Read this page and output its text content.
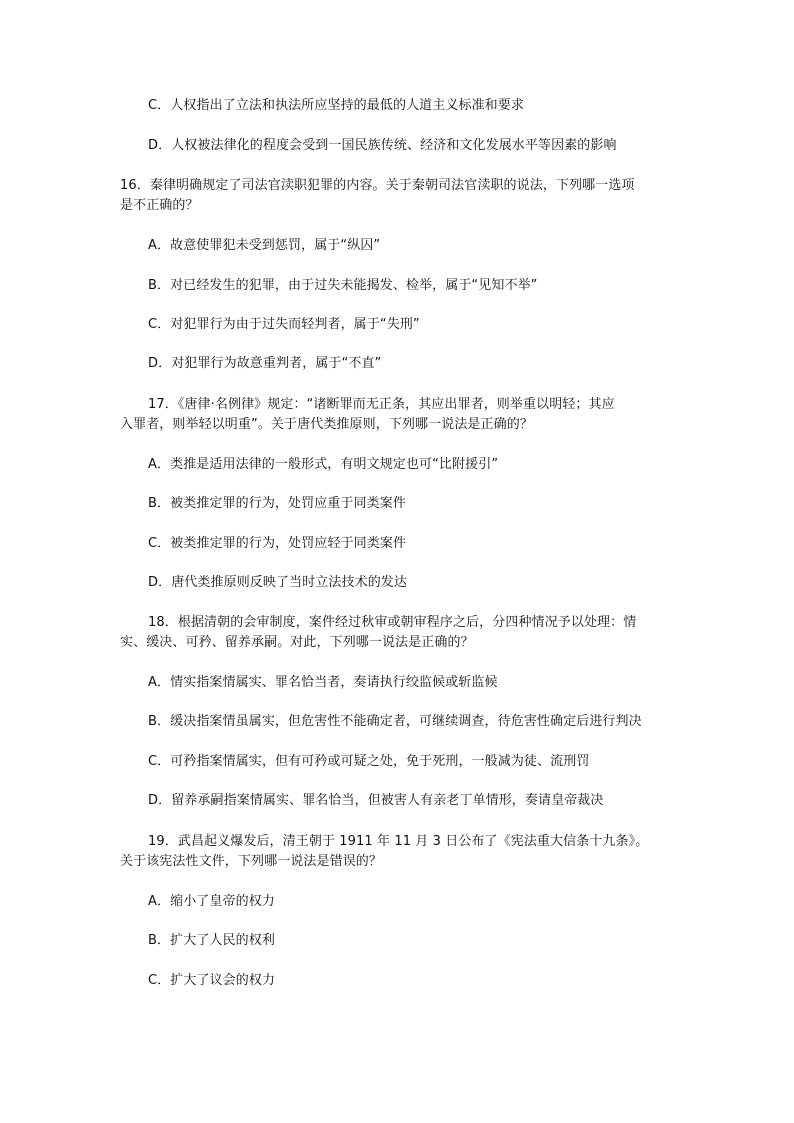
C．人权指出了立法和执法所应坚持的最低的人道主义标准和要求
D．人权被法律化的程度会受到一国民族传统、经济和文化发展水平等因素的影响
16．秦律明确规定了司法官渎职犯罪的内容。关于秦朝司法官渎职的说法，下列哪一选项
是不正确的？
A．故意使罪犯未受到惩罚，属于“纵囚”
B．对已经发生的犯罪，由于过失未能揭发、检举，属于“见知不举”
C．对犯罪行为由于过失而轻判者，属于“失刑”
D．对犯罪行为故意重判者，属于“不直”
17．《唐律·名例律》规定：“诸断罪而无正条，其应出罪者，则举重以明轻；其应
入罪者，则举轻以明重”。关于唐代类推原则，下列哪一说法是正确的？
A．类推是适用法律的一般形式，有明文规定也可“比附援引”
B．被类推定罪的行为，处罚应重于同类案件
C．被类推定罪的行为，处罚应轻于同类案件
D．唐代类推原则反映了当时立法技术的发达
18．根据清朝的会审制度，案件经过秋审或朝审程序之后，分四种情况予以处理：情
实、缓决、可矜、留养承嗣。对此，下列哪一说法是正确的？
A．情实指案情属实、罪名恰当者，奏请执行绞监候或斩监候
B．缓决指案情虽属实，但危害性不能确定者，可继续调查，待危害性确定后进行判决
C．可矜指案情属实，但有可矜或可疑之处，免于死刑，一般减为徒、流刑罚
D．留养承嗣指案情属实、罪名恰当，但被害人有亲老丁单情形，奏请皇帝裁决
19．武昌起义爆发后，清王朝于 1911 年 11 月 3 日公布了《宪法重大信条十九条》。
关于该宪法性文件，下列哪一说法是错误的？
A．缩小了皇帝的权力
B．扩大了人民的权利
C．扩大了议会的权力
